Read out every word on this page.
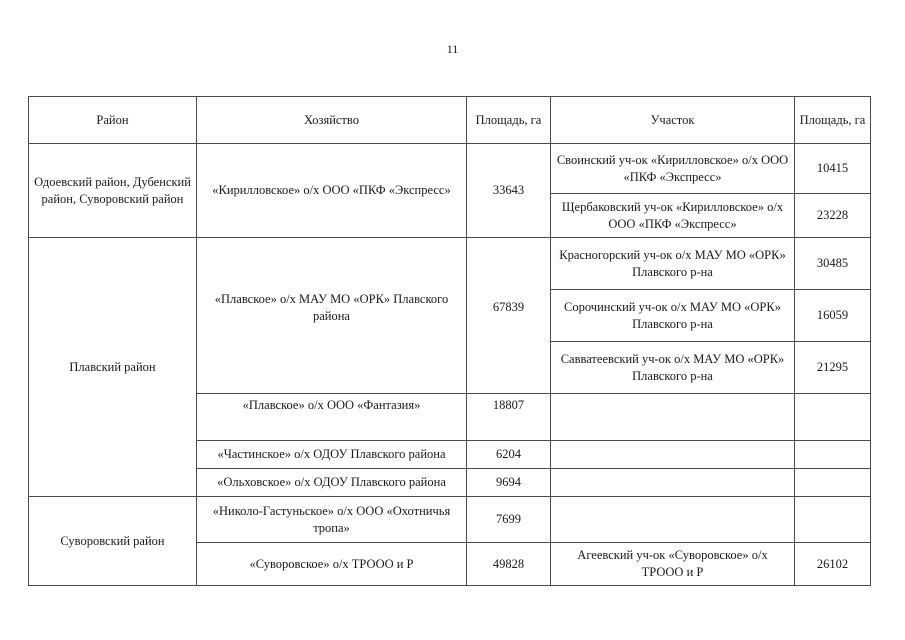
11
Район	Хозяйство	Площадь, га	Участок	Площадь, га
Одоевский район, Дубенский район, Суворовский район	«Кирилловское» о/х ООО «ПКФ «Экспресс»	33643	Своинский уч-ок «Кирилловское» о/х ООО «ПКФ «Экспресс»	10415
			Щербаковский уч-ок «Кирилловское» о/х ООО «ПКФ «Экспресс»	23228
Плавский район	«Плавское» о/х МАУ МО «ОРК» Плавского района	67839	Красногорский уч-ок о/х МАУ МО «ОРК» Плавского р-на	30485
			Сорочинский уч-ок о/х МАУ МО «ОРК» Плавского р-на	16059
			Савватеевский уч-ок о/х МАУ МО «ОРК» Плавского р-на	21295
	«Плавское» о/х ООО «Фантазия»	18807		
	«Частинское» о/х ОДОУ Плавского района	6204		
	«Ольховское» о/х ОДОУ Плавского района	9694		
Суворовский район	«Николо-Гастуньское» о/х ООО «Охотничья тропа»	7699		
	«Суворовское» о/х ТРООО и Р	49828	Агеевский уч-ок «Суворовское» о/х ТРООО и Р	26102
